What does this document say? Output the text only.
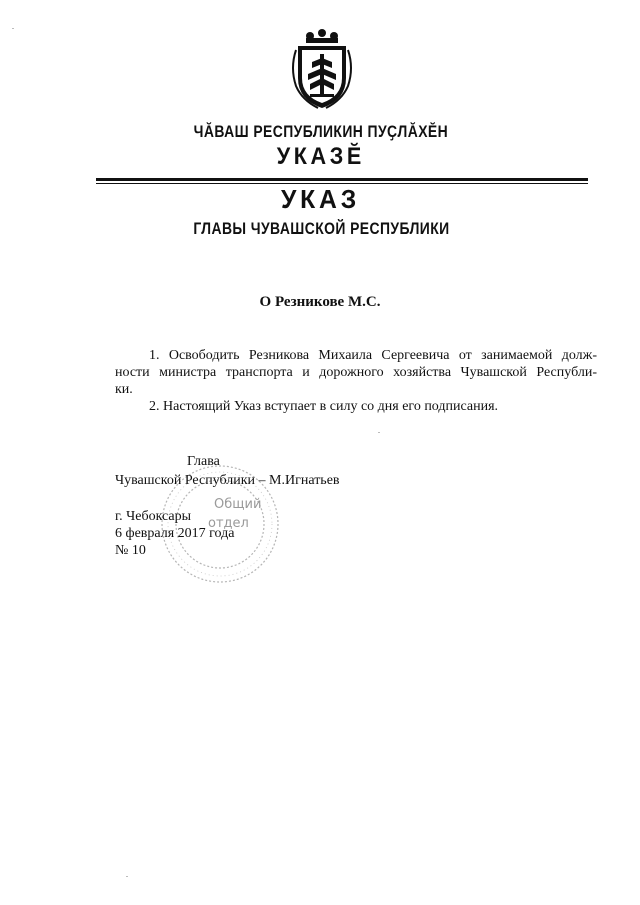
ЧӐВАШ РЕСПУБЛИКИН ПУҪЛӐХӖН
УКАЗӖ
УКАЗ
ГЛАВЫ ЧУВАШСКОЙ РЕСПУБЛИКИ
О Резникове М.С.
1. Освободить Резникова Михаила Сергеевича от занимаемой долж-
ности министра транспорта и дорожного хозяйства Чувашской Республи-
ки.
2. Настоящий Указ вступает в силу со дня его подписания.
Общий
отдел
Глава
Чувашской Республики – М.Игнатьев
г. Чебоксары
6 февраля 2017 года
№ 10
